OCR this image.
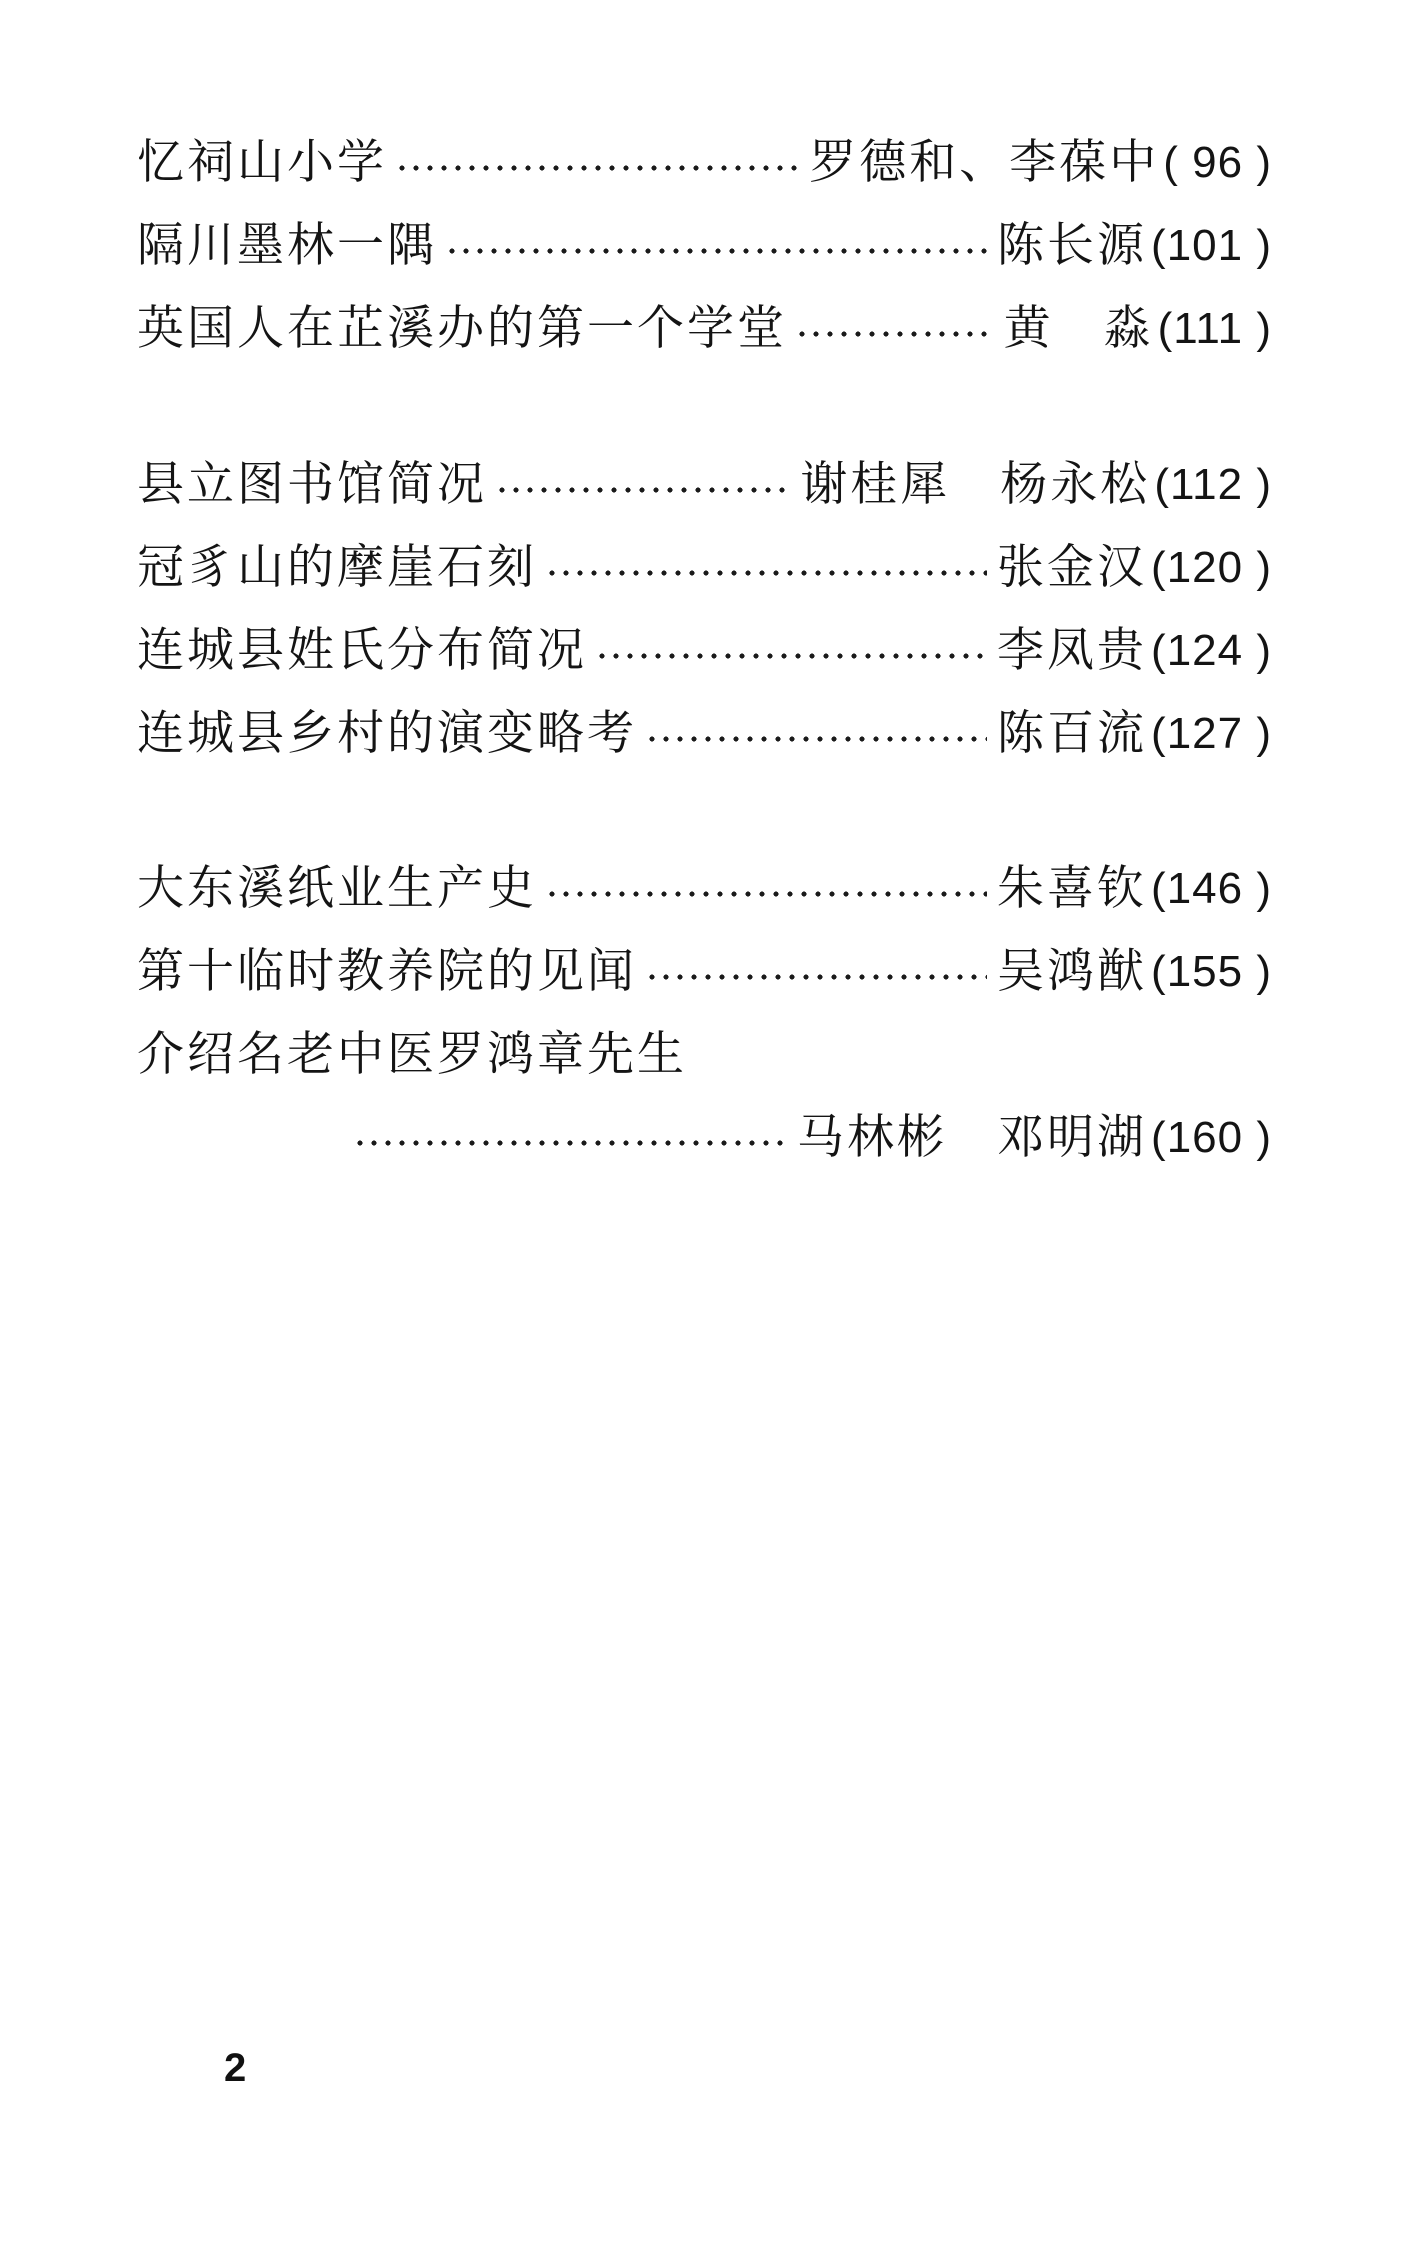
忆祠山小学	罗德和、李葆中 ( 96 )
隔川墨林一隅	陈长源 (101 )
英国人在芷溪办的第一个学堂	黄　淼 (111 )
县立图书馆简况	谢桂犀　杨永松 (112 )
冠豸山的摩崖石刻	张金汉 (120 )
连城县姓氏分布简况	李凤贵 (124 )
连城县乡村的演变略考	陈百流 (127 )
大东溪纸业生产史	朱喜钦 (146 )
第十临时教养院的见闻	吴鸿猷 (155 )
介绍名老中医罗鸿章先生
马林彬　邓明湖 (160 )
2
